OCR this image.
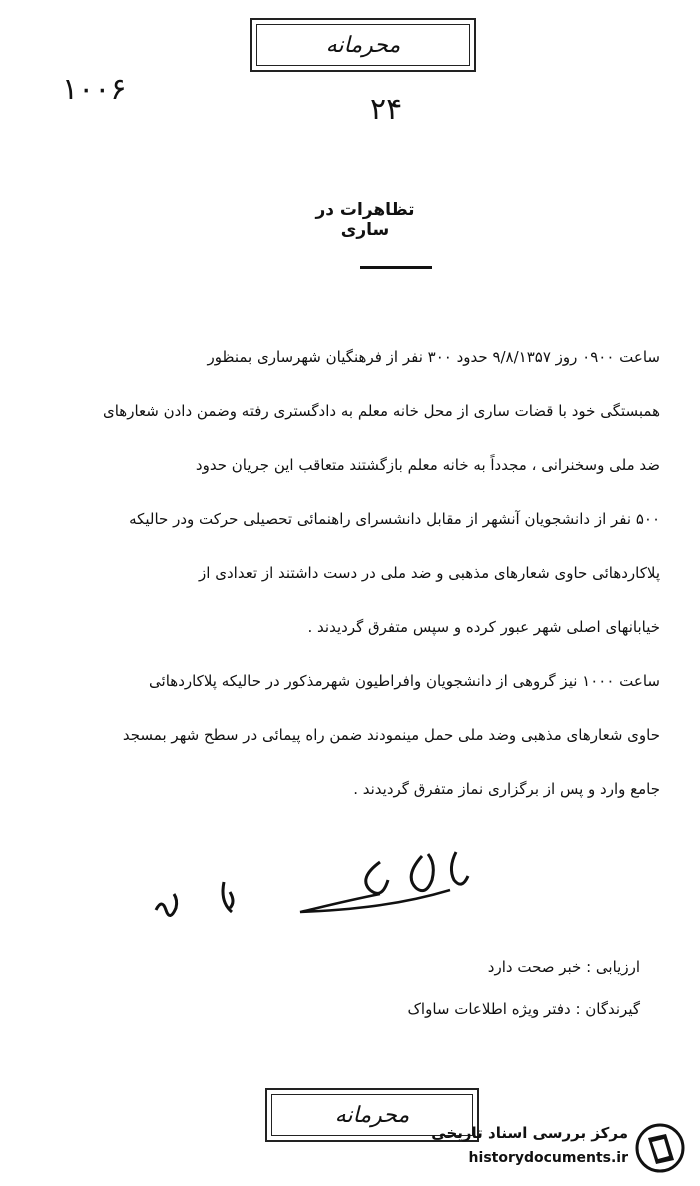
محرمانه
۱۰۰۶
۲۴
تظاهرات در ساری
ساعت ۰۹۰۰ روز ۹/۸/۱۳۵۷ حدود ۳۰۰ نفر از فرهنگیان شهرساری بمنظور
همبستگی خود با قضات ساری از محل خانه معلم به دادگستری رفته وضمن دادن شعارهای
ضد ملی وسخنرانی ، مجدداً به خانه معلم بازگشتند متعاقب این جریان حدود
۵۰۰ نفر از دانشجویان آنشهر از مقابل دانشسرای راهنمائی تحصیلی حرکت ودر حالیکه
پلاکاردهائی حاوی شعارهای مذهبی و ضد ملی در دست داشتند از تعدادی از
خیابانهای اصلی شهر عبور کرده و سپس متفرق گردیدند .
ساعت ۱۰۰۰ نیز گروهی از دانشجویان وافراطیون شهرمذکور در حالیکه پلاکاردهائی
حاوی شعارهای مذهبی وضد ملی حمل مینمودند ضمن راه پیمائی در سطح شهر بمسجد
جامع وارد و پس از برگزاری نماز متفرق گردیدند .
ارزیابی : خبر صحت دارد
گیرندگان : دفتر ویژه اطلاعات ساواک
محرمانه
مرکز بررسی اسناد تاریخی
historydocuments.ir
